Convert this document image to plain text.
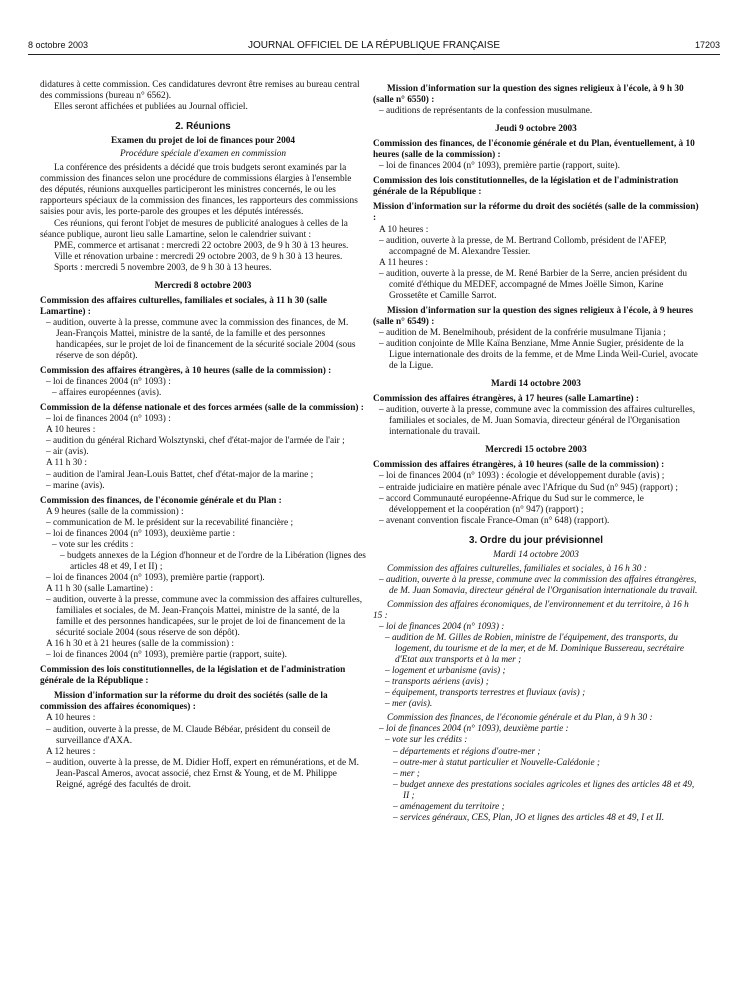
8 octobre 2003	JOURNAL OFFICIEL DE LA RÉPUBLIQUE FRANÇAISE	17203
didatures à cette commission. Ces candidatures devront être remises au bureau central des commissions (bureau n° 6562).
Elles seront affichées et publiées au Journal officiel.
2. Réunions
Examen du projet de loi de finances pour 2004
Procédure spéciale d'examen en commission
La conférence des présidents a décidé que trois budgets seront examinés par la commission des finances selon une procédure de commissions élargies à l'ensemble des députés, réunions auxquelles participeront les ministres concernés, le ou les rapporteurs spéciaux de la commission des finances, les rapporteurs des commissions saisies pour avis, les porte-parole des groupes et les députés intéressés.
Ces réunions, qui feront l'objet de mesures de publicité analogues à celles de la séance publique, auront lieu salle Lamartine, selon le calendrier suivant :
PME, commerce et artisanat : mercredi 22 octobre 2003, de 9 h 30 à 13 heures.
Ville et rénovation urbaine : mercredi 29 octobre 2003, de 9 h 30 à 13 heures.
Sports : mercredi 5 novembre 2003, de 9 h 30 à 13 heures.
Mercredi 8 octobre 2003
Commission des affaires culturelles, familiales et sociales, à 11 h 30 (salle Lamartine) :
– audition, ouverte à la presse, commune avec la commission des finances, de M. Jean-François Mattei, ministre de la santé, de la famille et des personnes handicapées, sur le projet de loi de financement de la sécurité sociale 2004 (sous réserve de son dépôt).
Commission des affaires étrangères, à 10 heures (salle de la commission) :
– loi de finances 2004 (n° 1093) :
– affaires européennes (avis).
Commission de la défense nationale et des forces armées (salle de la commission) :
– loi de finances 2004 (n° 1093) :
A 10 heures :
– audition du général Richard Wolsztynski, chef d'état-major de l'armée de l'air ;
– air (avis).
A 11 h 30 :
– audition de l'amiral Jean-Louis Battet, chef d'état-major de la marine ;
– marine (avis).
Commission des finances, de l'économie générale et du Plan :
A 9 heures (salle de la commission) :
– communication de M. le président sur la recevabilité financière ;
– loi de finances 2004 (n° 1093), deuxième partie :
– vote sur les crédits :
– budgets annexes de la Légion d'honneur et de l'ordre de la Libération (lignes des articles 48 et 49, I et II) ;
– loi de finances 2004 (n° 1093), première partie (rapport).
A 11 h 30 (salle Lamartine) :
– audition, ouverte à la presse, commune avec la commission des affaires culturelles, familiales et sociales, de M. Jean-François Mattei, ministre de la santé, de la famille et des personnes handicapées, sur le projet de loi de financement de la sécurité sociale 2004 (sous réserve de son dépôt).
A 16 h 30 et à 21 heures (salle de la commission) :
– loi de finances 2004 (n° 1093), première partie (rapport, suite).
Commission des lois constitutionnelles, de la législation et de l'administration générale de la République :
Mission d'information sur la réforme du droit des sociétés (salle de la commission des affaires économiques) :
A 10 heures :
– audition, ouverte à la presse, de M. Claude Bébéar, président du conseil de surveillance d'AXA.
A 12 heures :
– audition, ouverte à la presse, de M. Didier Hoff, expert en rémunérations, et de M. Jean-Pascal Ameros, avocat associé, chez Ernst & Young, et de M. Philippe Reigné, agrégé des facultés de droit.
Mission d'information sur la question des signes religieux à l'école, à 9 h 30 (salle n° 6550) :
– auditions de représentants de la confession musulmane.
Jeudi 9 octobre 2003
Commission des finances, de l'économie générale et du Plan, éventuellement, à 10 heures (salle de la commission) :
– loi de finances 2004 (n° 1093), première partie (rapport, suite).
Commission des lois constitutionnelles, de la législation et de l'administration générale de la République :
Mission d'information sur la réforme du droit des sociétés (salle de la commission) :
A 10 heures :
– audition, ouverte à la presse, de M. Bertrand Collomb, président de l'AFEP, accompagné de M. Alexandre Tessier.
A 11 heures :
– audition, ouverte à la presse, de M. René Barbier de la Serre, ancien président du comité d'éthique du MEDEF, accompagné de Mmes Joëlle Simon, Karine Grossetête et Camille Sarrot.
Mission d'information sur la question des signes religieux à l'école, à 9 heures (salle n° 6549) :
– audition de M. Benelmihoub, président de la confrérie musulmane Tijania ;
– audition conjointe de Mlle Kaïna Benziane, Mme Annie Sugier, présidente de la Ligue internationale des droits de la femme, et de Mme Linda Weil-Curiel, avocate de la Ligue.
Mardi 14 octobre 2003
Commission des affaires étrangères, à 17 heures (salle Lamartine) :
– audition, ouverte à la presse, commune avec la commission des affaires culturelles, familiales et sociales, de M. Juan Somavia, directeur général de l'Organisation internationale du travail.
Mercredi 15 octobre 2003
Commission des affaires étrangères, à 10 heures (salle de la commission) :
– loi de finances 2004 (n° 1093) : écologie et développement durable (avis) ;
– entraide judiciaire en matière pénale avec l'Afrique du Sud (n° 945) (rapport) ;
– accord Communauté européenne-Afrique du Sud sur le commerce, le développement et la coopération (n° 947) (rapport) ;
– avenant convention fiscale France-Oman (n° 648) (rapport).
3. Ordre du jour prévisionnel
Mardi 14 octobre 2003
Commission des affaires culturelles, familiales et sociales, à 16 h 30 :
– audition, ouverte à la presse, commune avec la commission des affaires étrangères, de M. Juan Somavia, directeur général de l'Organisation internationale du travail.
Commission des affaires économiques, de l'environnement et du territoire, à 16 h 15 :
– loi de finances 2004 (n° 1093) :
– audition de M. Gilles de Robien, ministre de l'équipement, des transports, du logement, du tourisme et de la mer, et de M. Dominique Bussereau, secrétaire d'Etat aux transports et à la mer ;
– logement et urbanisme (avis) ;
– transports aériens (avis) ;
– équipement, transports terrestres et fluviaux (avis) ;
– mer (avis).
Commission des finances, de l'économie générale et du Plan, à 9 h 30 :
– loi de finances 2004 (n° 1093), deuxième partie :
– vote sur les crédits :
– départements et régions d'outre-mer ;
– outre-mer à statut particulier et Nouvelle-Calédonie ;
– mer ;
– budget annexe des prestations sociales agricoles et lignes des articles 48 et 49, II ;
– aménagement du territoire ;
– services généraux, CES, Plan, JO et lignes des articles 48 et 49, I et II.
